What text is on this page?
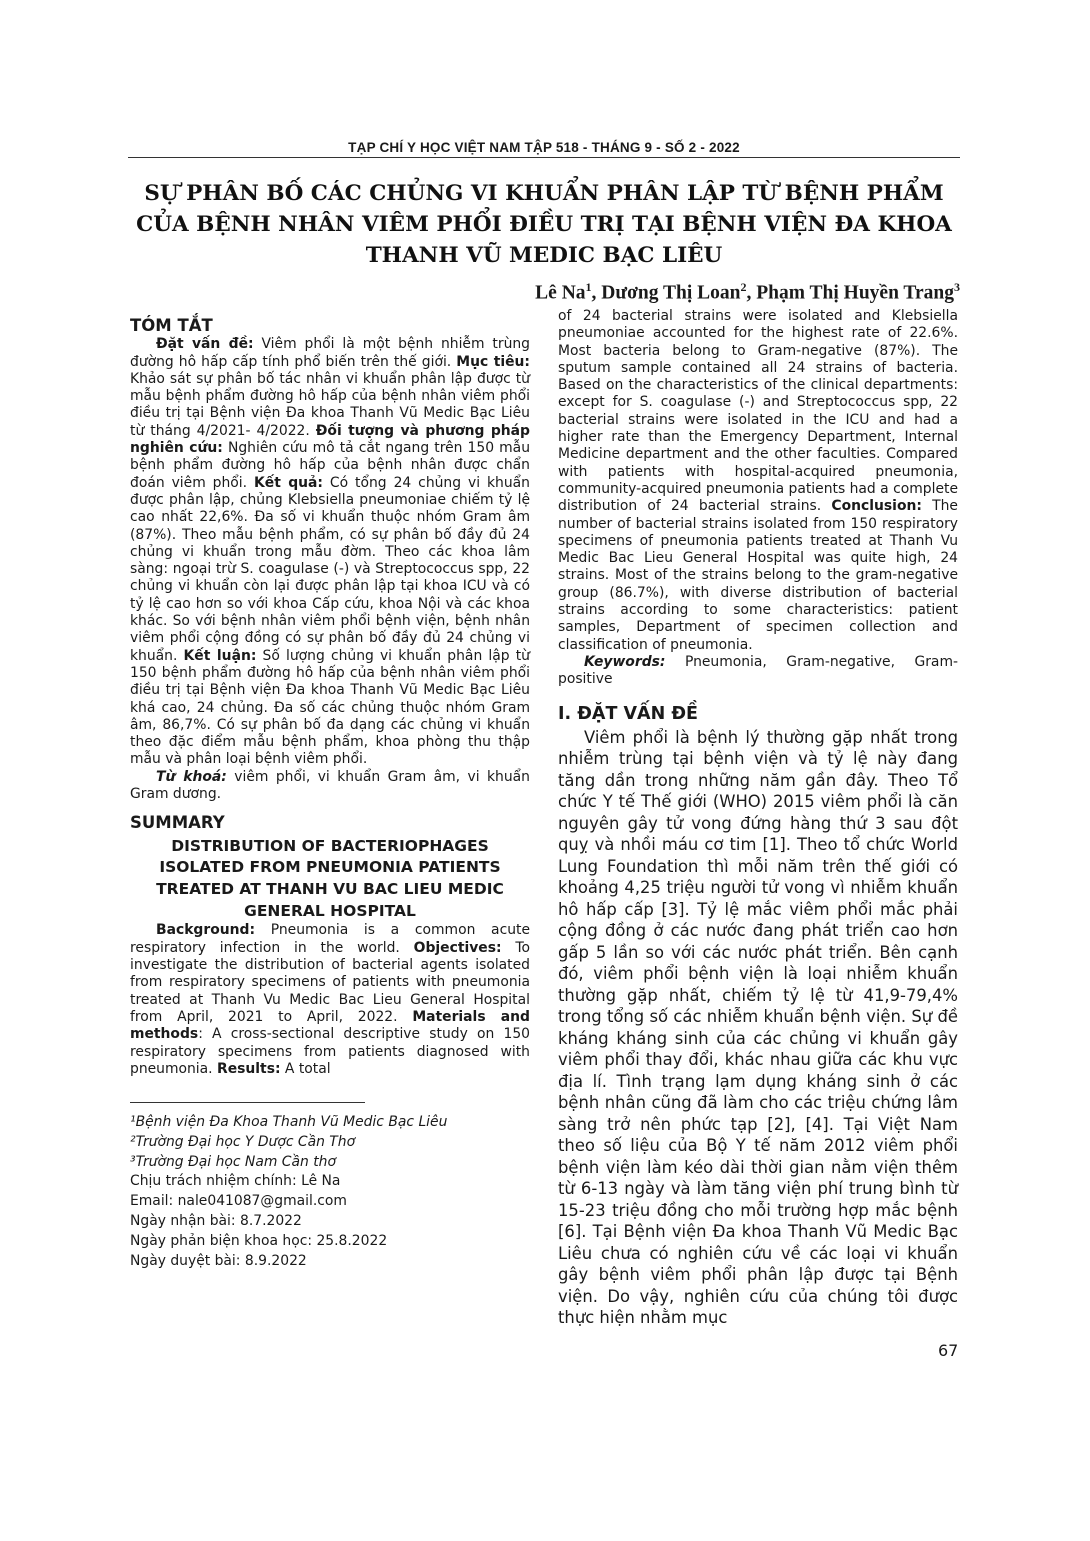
TẠP CHÍ Y HỌC VIỆT NAM TẬP 518 - THÁNG 9 - SỐ 2 - 2022
SỰ PHÂN BỐ CÁC CHỦNG VI KHUẨN PHÂN LẬP TỪ BỆNH PHẨM
CỦA BỆNH NHÂN VIÊM PHỔI ĐIỀU TRỊ TẠI BỆNH VIỆN ĐA KHOA
THANH VŨ MEDIC BẠC LIÊU
Lê Na$^1$, Dương Thị Loan$^2$, Phạm Thị Huyền Trang$^3$
TÓM TẮT

Đặt vấn đề: Viêm phổi là một bệnh nhiễm trùng đường hô hấp cấp tính phổ biến trên thế giới. Mục tiêu: Khảo sát sự phân bố tác nhân vi khuẩn phân lập được từ mẫu bệnh phẩm đường hô hấp của bệnh nhân viêm phổi điều trị tại Bệnh viện Đa khoa Thanh Vũ Medic Bạc Liêu từ tháng 4/2021- 4/2022. Đối tượng và phương pháp nghiên cứu: Nghiên cứu mô tả cắt ngang trên 150 mẫu bệnh phẩm đường hô hấp của bệnh nhân được chẩn đoán viêm phổi. Kết quả: Có tổng 24 chủng vi khuẩn được phân lập, chủng Klebsiella pneumoniae chiếm tỷ lệ cao nhất 22,6%. Đa số vi khuẩn thuộc nhóm Gram âm (87%). Theo mẫu bệnh phẩm, có sự phân bố đầy đủ 24 chủng vi khuẩn trong mẫu đờm. Theo các khoa lâm sàng: ngoại trừ S. coagulase (-) và Streptococcus spp, 22 chủng vi khuẩn còn lại được phân lập tại khoa ICU và có tỷ lệ cao hơn so với khoa Cấp cứu, khoa Nội và các khoa khác. So với bệnh nhân viêm phổi bệnh viện, bệnh nhân viêm phổi cộng đồng có sự phân bố đầy đủ 24 chủng vi khuẩn. Kết luận: Số lượng chủng vi khuẩn phân lập từ 150 bệnh phẩm đường hô hấp của bệnh nhân viêm phổi điều trị tại Bệnh viện Đa khoa Thanh Vũ Medic Bạc Liêu khá cao, 24 chủng. Đa số các chủng thuộc nhóm Gram âm, 86,7%. Có sự phân bố đa dạng các chủng vi khuẩn theo đặc điểm mẫu bệnh phẩm, khoa phòng thu thập mẫu và phân loại bệnh viêm phổi.

Từ khoá: viêm phổi, vi khuẩn Gram âm, vi khuẩn Gram dương.

SUMMARY
DISTRIBUTION OF BACTERIOPHAGES ISOLATED FROM PNEUMONIA PATIENTS TREATED AT THANH VU BAC LIEU MEDIC GENERAL HOSPITAL

Background: Pneumonia is a common acute respiratory infection in the world. Objectives: To investigate the distribution of bacterial agents isolated from respiratory specimens of patients with pneumonia treated at Thanh Vu Medic Bac Lieu General Hospital from April, 2021 to April, 2022. Materials and methods: A cross-sectional descriptive study on 150 respiratory specimens from patients diagnosed with pneumonia. Results: A total

¹Bệnh viện Đa Khoa Thanh Vũ Medic Bạc Liêu

²Trường Đại học Y Dược Cần Thơ

³Trường Đại học Nam Cần thơ

Chịu trách nhiệm chính: Lê Na

Email: nale041087@gmail.com

Ngày nhận bài: 8.7.2022

Ngày phản biện khoa học: 25.8.2022

Ngày duyệt bài: 8.9.2022

of 24 bacterial strains were isolated and Klebsiella pneumoniae accounted for the highest rate of 22.6%. Most bacteria belong to Gram-negative (87%). The sputum sample contained all 24 strains of bacteria. Based on the characteristics of the clinical departments: except for S. coagulase (-) and Streptococcus spp, 22 bacterial strains were isolated in the ICU and had a higher rate than the Emergency Department, Internal Medicine department and the other faculties. Compared with patients with hospital-acquired pneumonia, community-acquired pneumonia patients had a complete distribution of 24 bacterial strains. Conclusion: The number of bacterial strains isolated from 150 respiratory specimens of pneumonia patients treated at Thanh Vu Medic Bac Lieu General Hospital was quite high, 24 strains. Most of the strains belong to the gram-negative group (86.7%), with diverse distribution of bacterial strains according to some characteristics: patient samples, Department of specimen collection and classification of pneumonia.

Keywords: Pneumonia, Gram-negative, Gram-positive

I. ĐẶT VẤN ĐỀ

Viêm phổi là bệnh lý thường gặp nhất trong nhiễm trùng tại bệnh viện và tỷ lệ này đang tăng dần trong những năm gần đây. Theo Tổ chức Y tế Thế giới (WHO) 2015 viêm phổi là căn nguyên gây tử vong đứng hàng thứ 3 sau đột quỵ và nhồi máu cơ tim [1]. Theo tổ chức World Lung Foundation thì mỗi năm trên thế giới có khoảng 4,25 triệu người tử vong vì nhiễm khuẩn hô hấp cấp [3]. Tỷ lệ mắc viêm phổi mắc phải cộng đồng ở các nước đang phát triển cao hơn gấp 5 lần so với các nước phát triển. Bên cạnh đó, viêm phổi bệnh viện là loại nhiễm khuẩn thường gặp nhất, chiếm tỷ lệ từ 41,9-79,4% trong tổng số các nhiễm khuẩn bệnh viện. Sự đề kháng kháng sinh của các chủng vi khuẩn gây viêm phổi thay đổi, khác nhau giữa các khu vực địa lí. Tình trạng lạm dụng kháng sinh ở các bệnh nhân cũng đã làm cho các triệu chứng lâm sàng trở nên phức tạp [2], [4]. Tại Việt Nam theo số liệu của Bộ Y tế năm 2012 viêm phổi bệnh viện làm kéo dài thời gian nằm viện thêm từ 6-13 ngày và làm tăng viện phí trung bình từ 15-23 triệu đồng cho mỗi trường hợp mắc bệnh [6]. Tại Bệnh viện Đa khoa Thanh Vũ Medic Bạc Liêu chưa có nghiên cứu về các loại vi khuẩn gây bệnh viêm phổi phân lập được tại Bệnh viện. Do vậy, nghiên cứu của chúng tôi được thực hiện nhằm mục

67
